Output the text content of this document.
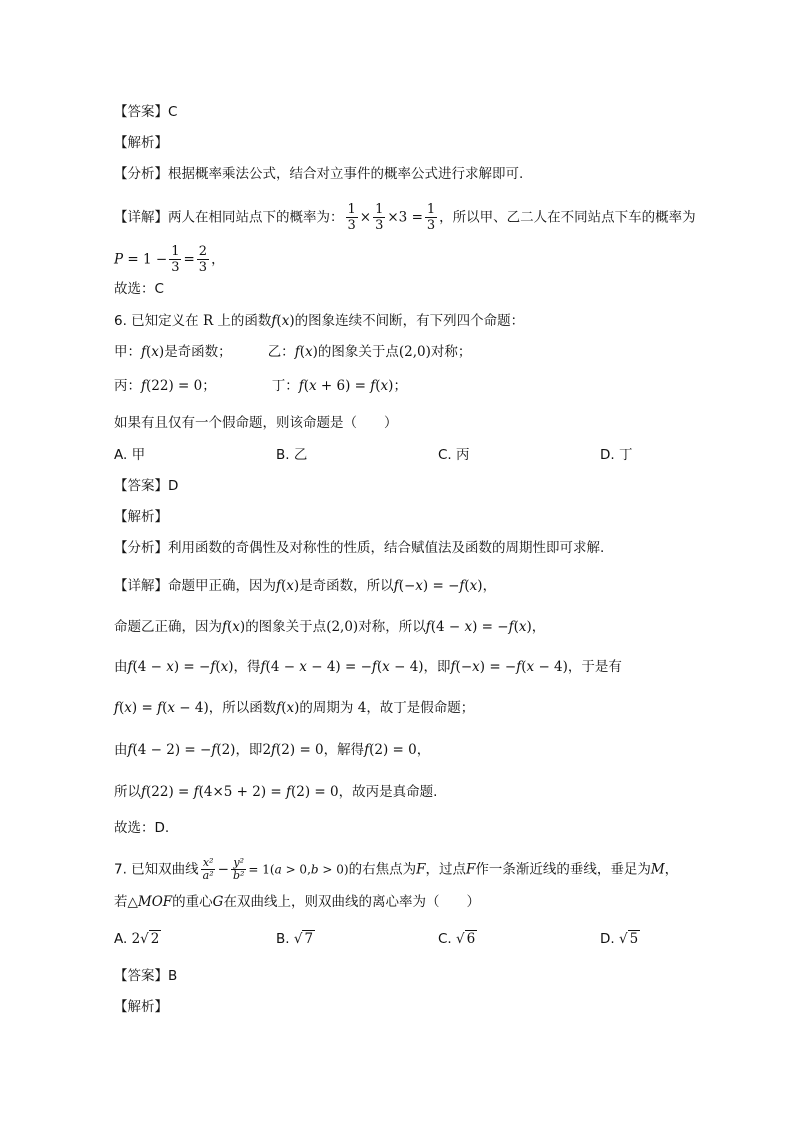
【答案】C
【解析】
【分析】根据概率乘法公式，结合对立事件的概率公式进行求解即可.
【详解】两人在相同站点下的概率为： $\frac{1}{3} \times \frac{1}{3} \times 3 = \frac{1}{3}$ ，所以甲、乙二人在不同站点下车的概率为
$P = 1 - \frac{1}{3} = \frac{2}{3}$ ，
故选：C
6. 已知定义在 R 上的函数f(x)的图象连续不间断，有下列四个命题：
甲：f(x)是奇函数；	乙：f(x)的图象关于点(2,0)对称；
丙：f(22) = 0；	丁：f(x + 6) = f(x)；
如果有且仅有一个假命题，则该命题是（　　）
A. 甲	B. 乙	C. 丙	D. 丁
【答案】D
【解析】
【分析】利用函数的奇偶性及对称性的性质，结合赋值法及函数的周期性即可求解.
【详解】命题甲正确，因为f(x)是奇函数，所以f(−x) = −f(x)，
命题乙正确，因为f(x)的图象关于点(2,0)对称，所以f(4 − x) = −f(x)，
由f(4 − x) = −f(x)，得f(4 − x − 4) = −f(x − 4)，即f(−x) = −f(x − 4)，于是有
f(x) = f(x − 4)，所以函数f(x)的周期为 4，故丁是假命题；
由f(4 − 2) = −f(2)，即2f(2) = 0，解得f(2) = 0，
所以f(22) = f(4×5 + 2) = f(2) = 0，故丙是真命题.
故选：D.
7. 已知双曲线 $\frac{\text{x²}}{\text{a²}} - \frac{\text{y²}}{\text{b²}} = 1(a > 0,b > 0)$的右焦点为F，过点F作一条渐近线的垂线，垂足为M，
若△MOF的重心G在双曲线上，则双曲线的离心率为（　　）
A. 2√ 2	B. √ 7	C. √ 6	D. √ 5
【答案】B
【解析】
